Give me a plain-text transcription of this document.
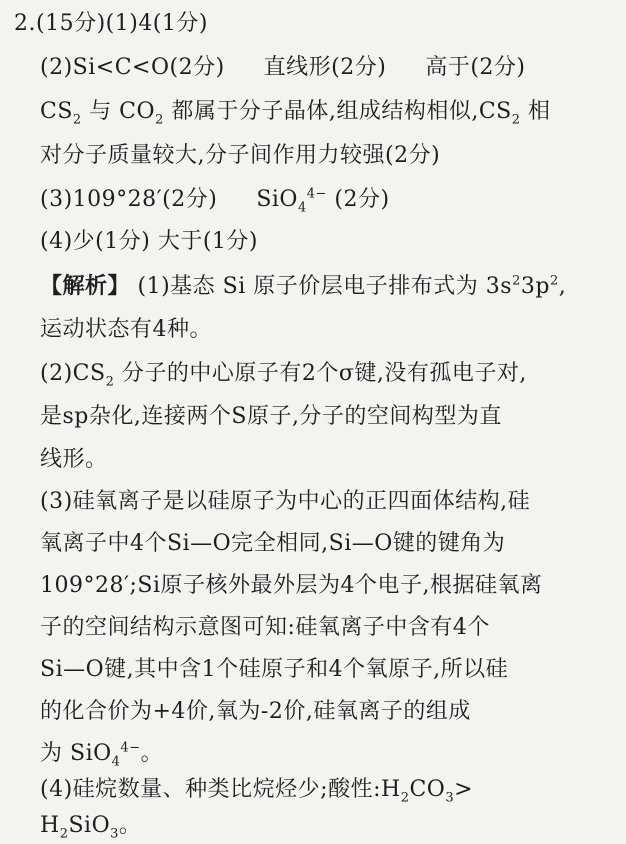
2.(15分)(1)4(1分)
(2)Si<C<O(2分) 直线形(2分) 高于(2分)
$CS_2$ 与 $CO_2$ 都属于分子晶体,组成结构相似$,CS_2$ 相
对分子质量较大,分子间作用力较强(2分)
(3)109°28′(2分) SiO$_4^{4-}$ (2分)
(4)少(1分) 大于(1分)
【解析】 (1)基态 Si 原子价层电子排布式为 $3s^23p^2$,
运动状态有4种。
$(2)CS_2$ 分子的中心原子有2个σ键,没有孤电子对,
是sp杂化,连接两个S原子,分子的空间构型为直
线形。
(3)硅氧离子是以硅原子为中心的正四面体结构,硅
氧离子中4个Si—O完全相同,Si—O键的键角为
109°28′;Si原子核外最外层为4个电子,根据硅氧离
子的空间结构示意图可知:硅氧离子中含有4个
Si—O键,其中含1个硅原子和4个氧原子,所以硅
的化合价为+4价,氧为-2价,硅氧离子的组成
为 SiO$_4^{4-}$。
(4)硅烷数量、种类比烷烃少;酸性$:H_2CO_3>$
$H_2SiO_3$。
